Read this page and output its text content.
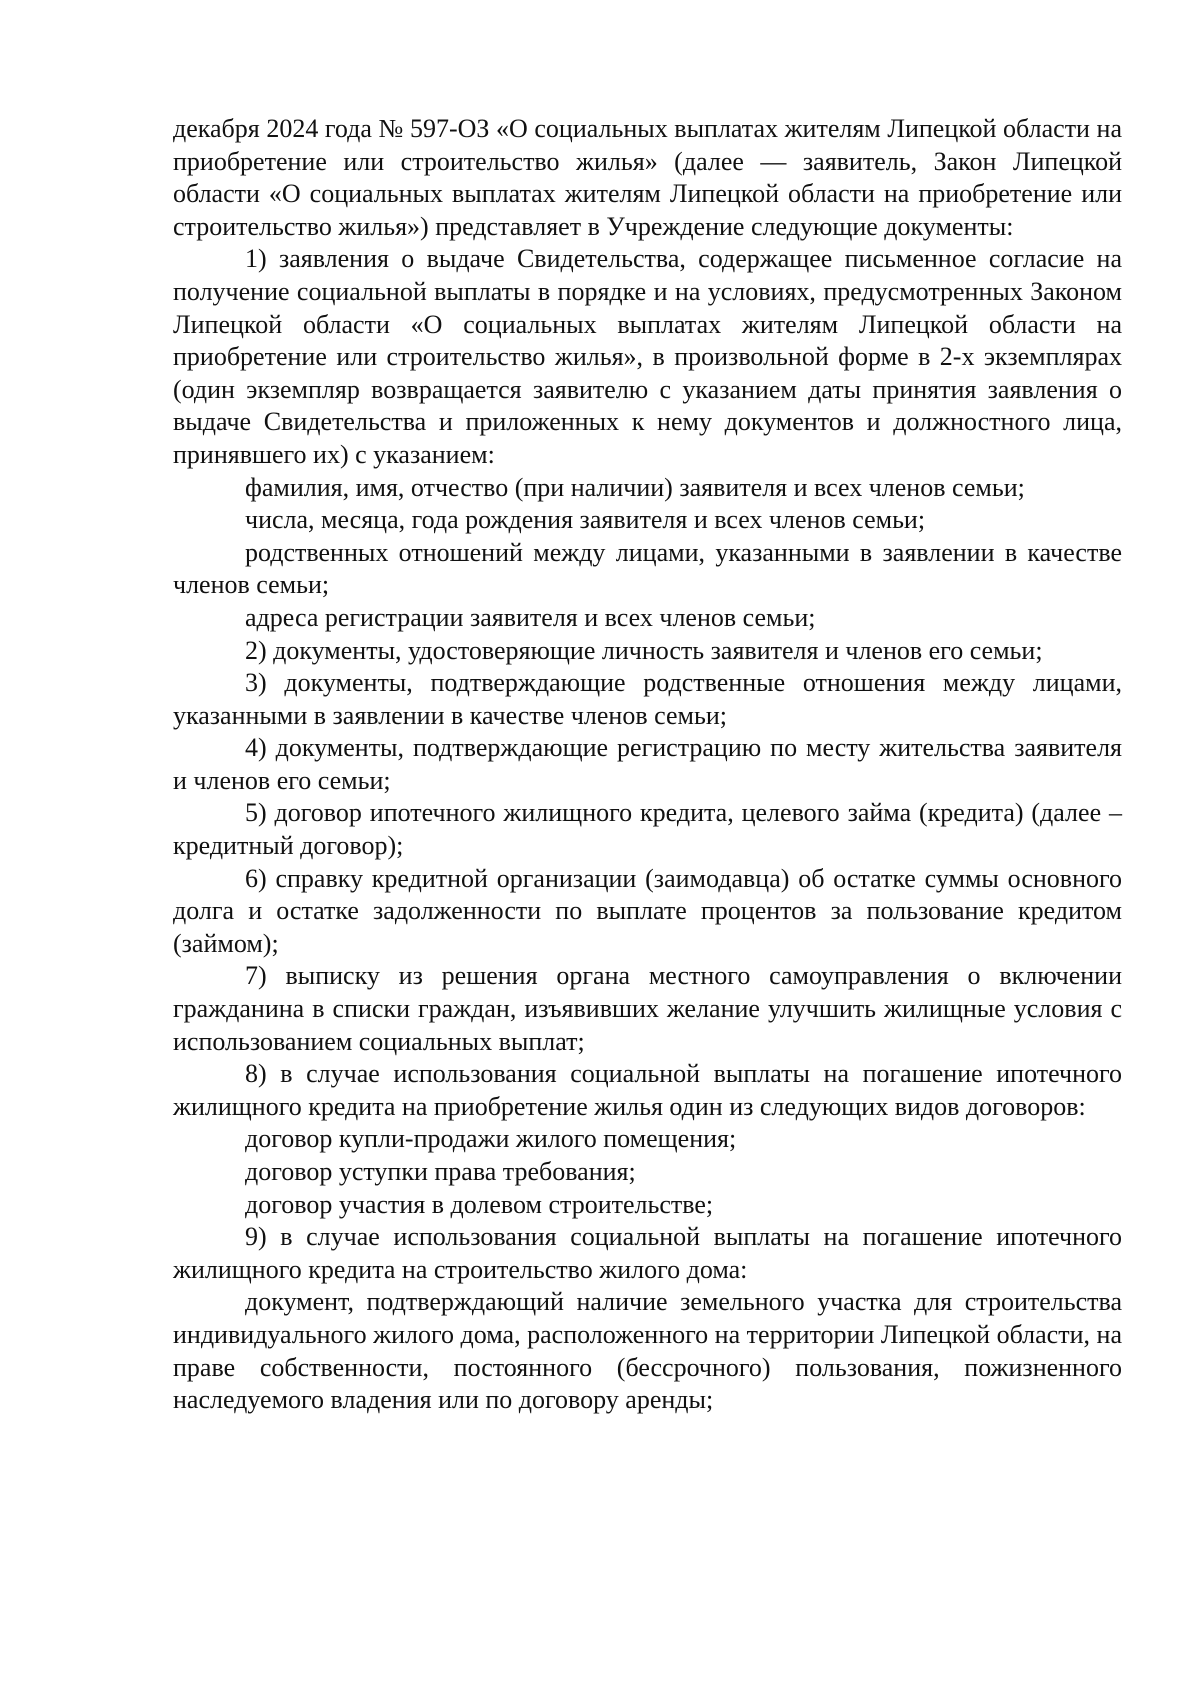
декабря 2024 года № 597-ОЗ «О социальных выплатах жителям Липецкой области на приобретение или строительство жилья» (далее — заявитель, Закон Липецкой области «О социальных выплатах жителям Липецкой области на приобретение или строительство жилья») представляет в Учреждение следующие документы:

1) заявления о выдаче Свидетельства, содержащее письменное согласие на получение социальной выплаты в порядке и на условиях, предусмотренных Законом Липецкой области «О социальных выплатах жителям Липецкой области на приобретение или строительство жилья», в произвольной форме в 2-х экземплярах (один экземпляр возвращается заявителю с указанием даты принятия заявления о выдаче Свидетельства и приложенных к нему документов и должностного лица, принявшего их) с указанием:

фамилия, имя, отчество (при наличии) заявителя и всех членов семьи;

числа, месяца, года рождения заявителя и всех членов семьи;

родственных отношений между лицами, указанными в заявлении в качестве членов семьи;

адреса регистрации заявителя и всех членов семьи;

2) документы, удостоверяющие личность заявителя и членов его семьи;

3) документы, подтверждающие родственные отношения между лицами, указанными в заявлении в качестве членов семьи;

4) документы, подтверждающие регистрацию по месту жительства заявителя и членов его семьи;

5) договор ипотечного жилищного кредита, целевого займа (кредита) (далее – кредитный договор);

6) справку кредитной организации (заимодавца) об остатке суммы основного долга и остатке задолженности по выплате процентов за пользование кредитом (займом);

7) выписку из решения органа местного самоуправления о включении гражданина в списки граждан, изъявивших желание улучшить жилищные условия с использованием социальных выплат;

8) в случае использования социальной выплаты на погашение ипотечного жилищного кредита на приобретение жилья один из следующих видов договоров:

договор купли-продажи жилого помещения;

договор уступки права требования;

договор участия в долевом строительстве;

9) в случае использования социальной выплаты на погашение ипотечного жилищного кредита на строительство жилого дома:

документ, подтверждающий наличие земельного участка для строительства индивидуального жилого дома, расположенного на территории Липецкой области, на праве собственности, постоянного (бессрочного) пользования, пожизненного наследуемого владения или по договору аренды;
